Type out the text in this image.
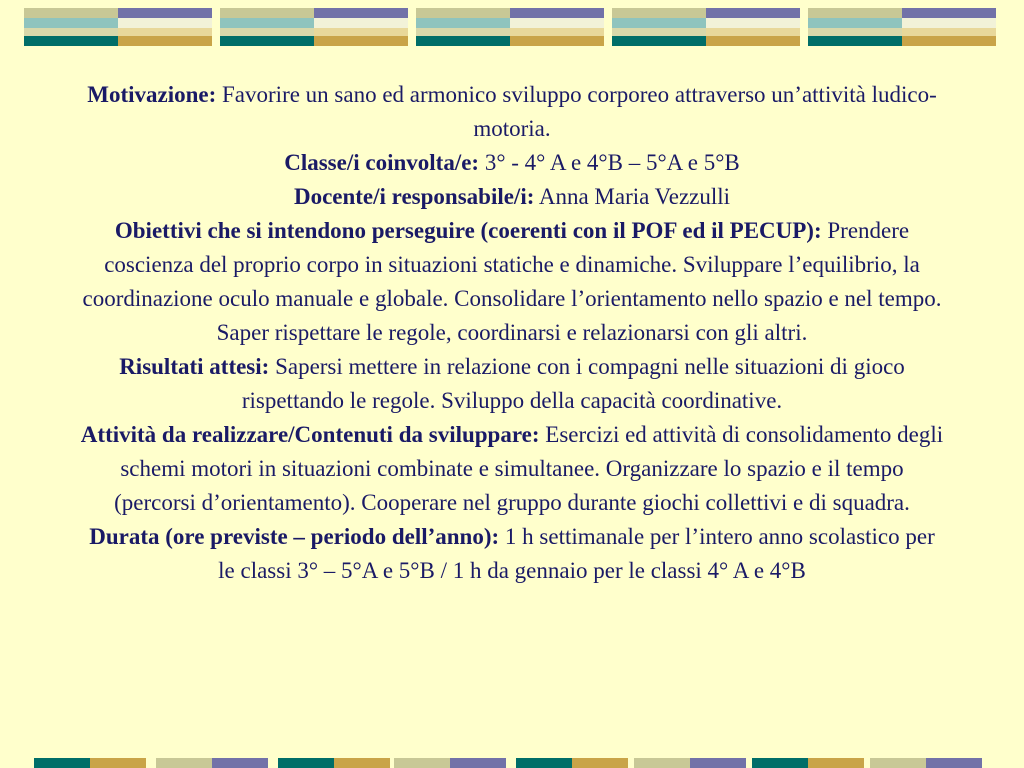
Motivazione: Favorire un sano ed armonico sviluppo corporeo attraverso un’attività ludico-motoria.

Classe/i coinvolta/e: 3° - 4° A e 4°B – 5°A e 5°B

Docente/i responsabile/i: Anna Maria Vezzulli

Obiettivi che si intendono perseguire (coerenti con il POF ed il PECUP): Prendere coscienza del proprio corpo in situazioni statiche e dinamiche. Sviluppare l’equilibrio, la coordinazione oculo manuale e globale. Consolidare l’orientamento nello spazio e nel tempo. Saper rispettare le regole, coordinarsi e relazionarsi con gli altri.

Risultati attesi: Sapersi mettere in relazione con i compagni nelle situazioni di gioco rispettando le regole. Sviluppo della capacità coordinative.

Attività da realizzare/Contenuti da sviluppare: Esercizi ed attività di consolidamento degli schemi motori in situazioni combinate e simultanee. Organizzare lo spazio e il tempo (percorsi d’orientamento). Cooperare nel gruppo durante giochi collettivi e di squadra.

Durata (ore previste – periodo dell’anno): 1 h settimanale per l’intero anno scolastico per le classi 3° – 5°A e 5°B / 1 h da gennaio per le classi 4° A e 4°B
